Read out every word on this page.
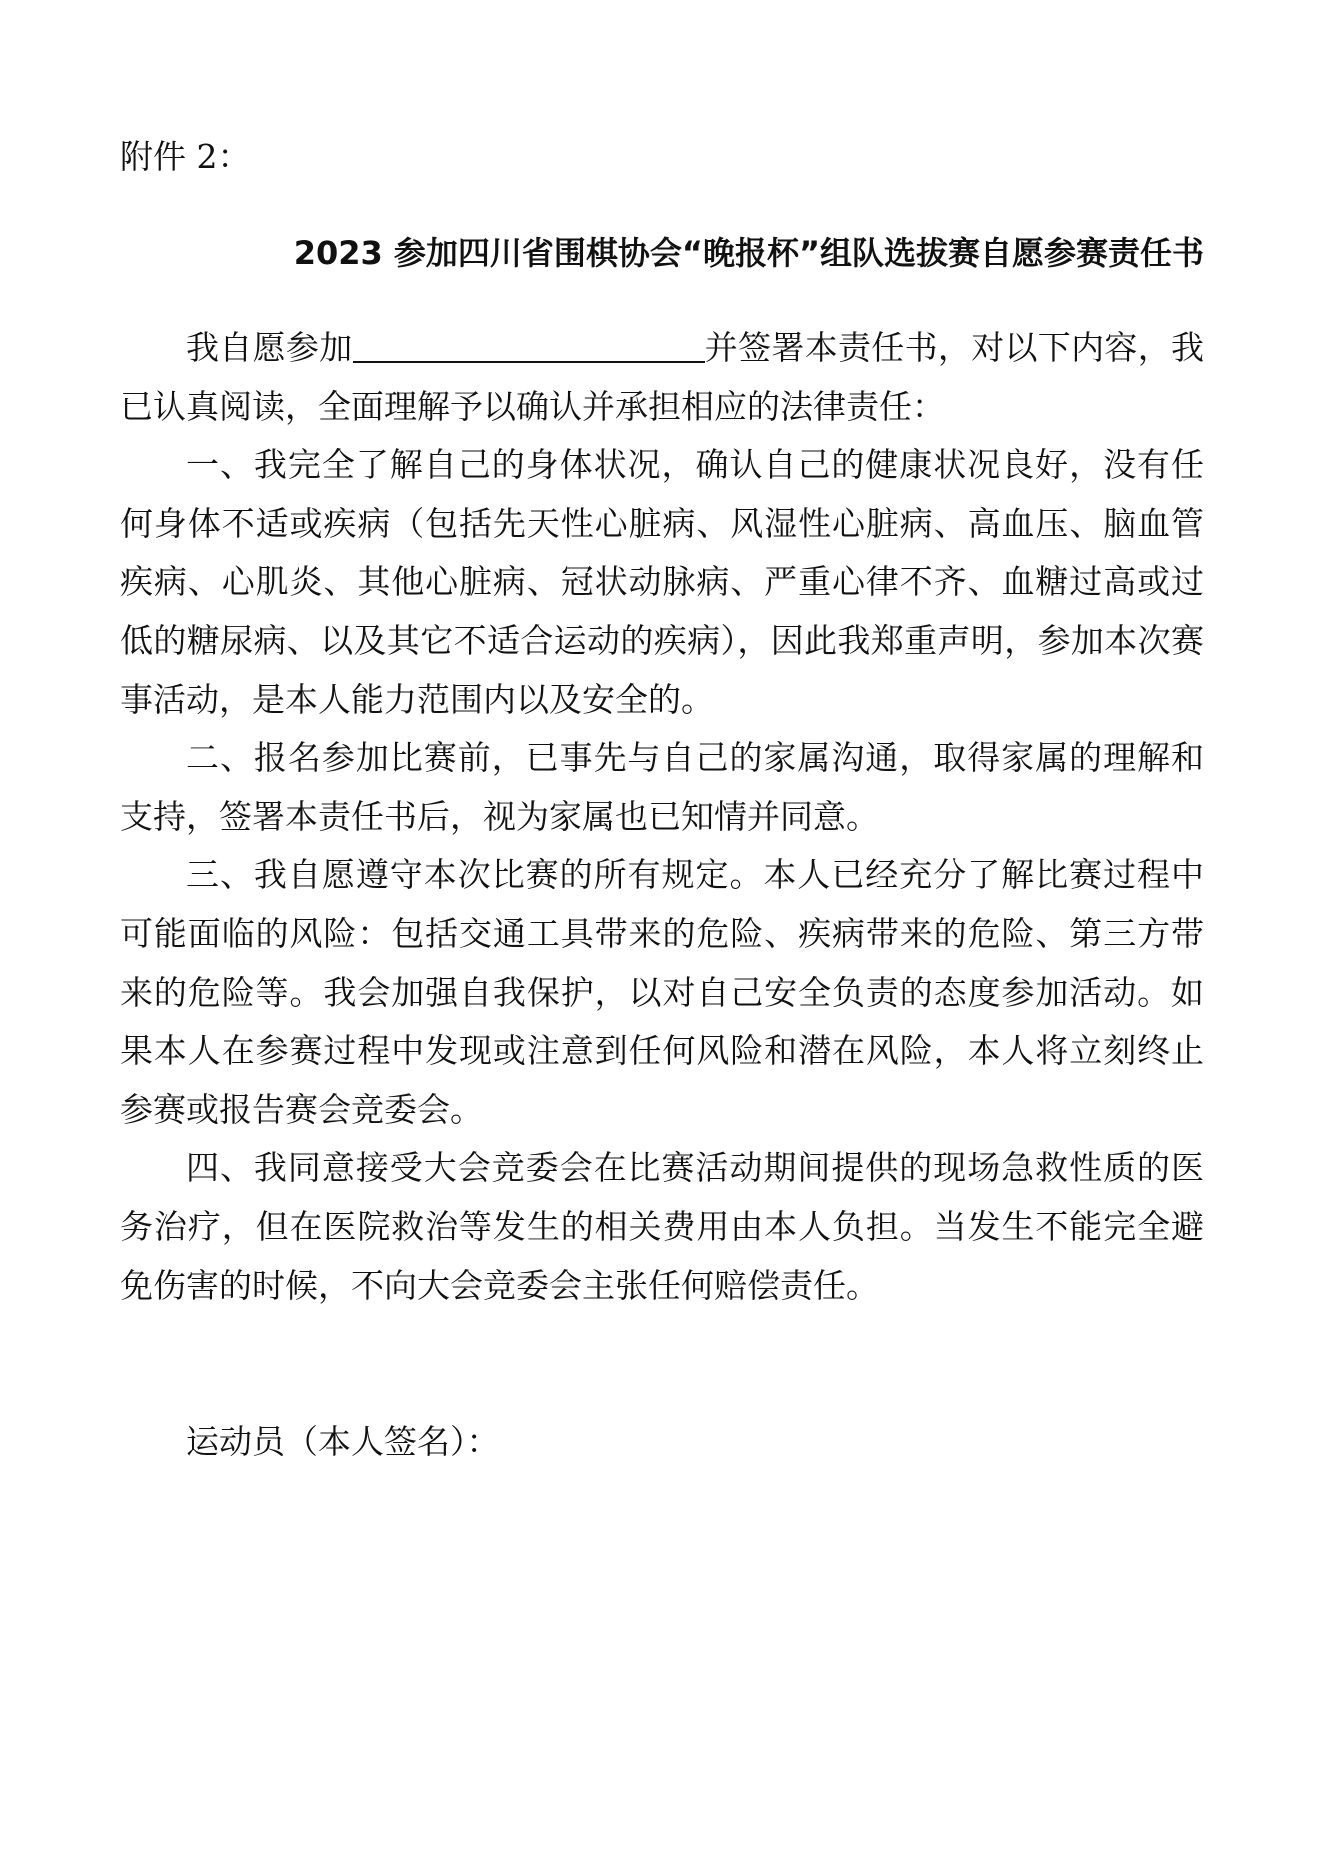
附件 2：
2023 参加四川省围棋协会“晚报杯”组队选拔赛自愿参赛责任书

我自愿参加	并签署本责任书，对以下内容，我已认真阅读，全面理解予以确认并承担相应的法律责任：

一、我完全了解自己的身体状况，确认自己的健康状况良好，没有任何身体不适或疾病（包括先天性心脏病、风湿性心脏病、高血压、脑血管疾病、心肌炎、其他心脏病、冠状动脉病、严重心律不齐、血糖过高或过低的糖尿病、以及其它不适合运动的疾病），因此我郑重声明，参加本次赛事活动，是本人能力范围内以及安全的。

二、报名参加比赛前，已事先与自己的家属沟通，取得家属的理解和支持，签署本责任书后，视为家属也已知情并同意。

三、我自愿遵守本次比赛的所有规定。本人已经充分了解比赛过程中可能面临的风险：包括交通工具带来的危险、疾病带来的危险、第三方带来的危险等。我会加强自我保护，以对自己安全负责的态度参加活动。如果本人在参赛过程中发现或注意到任何风险和潜在风险，本人将立刻终止参赛或报告赛会竞委会。

四、我同意接受大会竞委会在比赛活动期间提供的现场急救性质的医务治疗，但在医院救治等发生的相关费用由本人负担。当发生不能完全避免伤害的时候，不向大会竞委会主张任何赔偿责任。

运动员（本人签名）：
